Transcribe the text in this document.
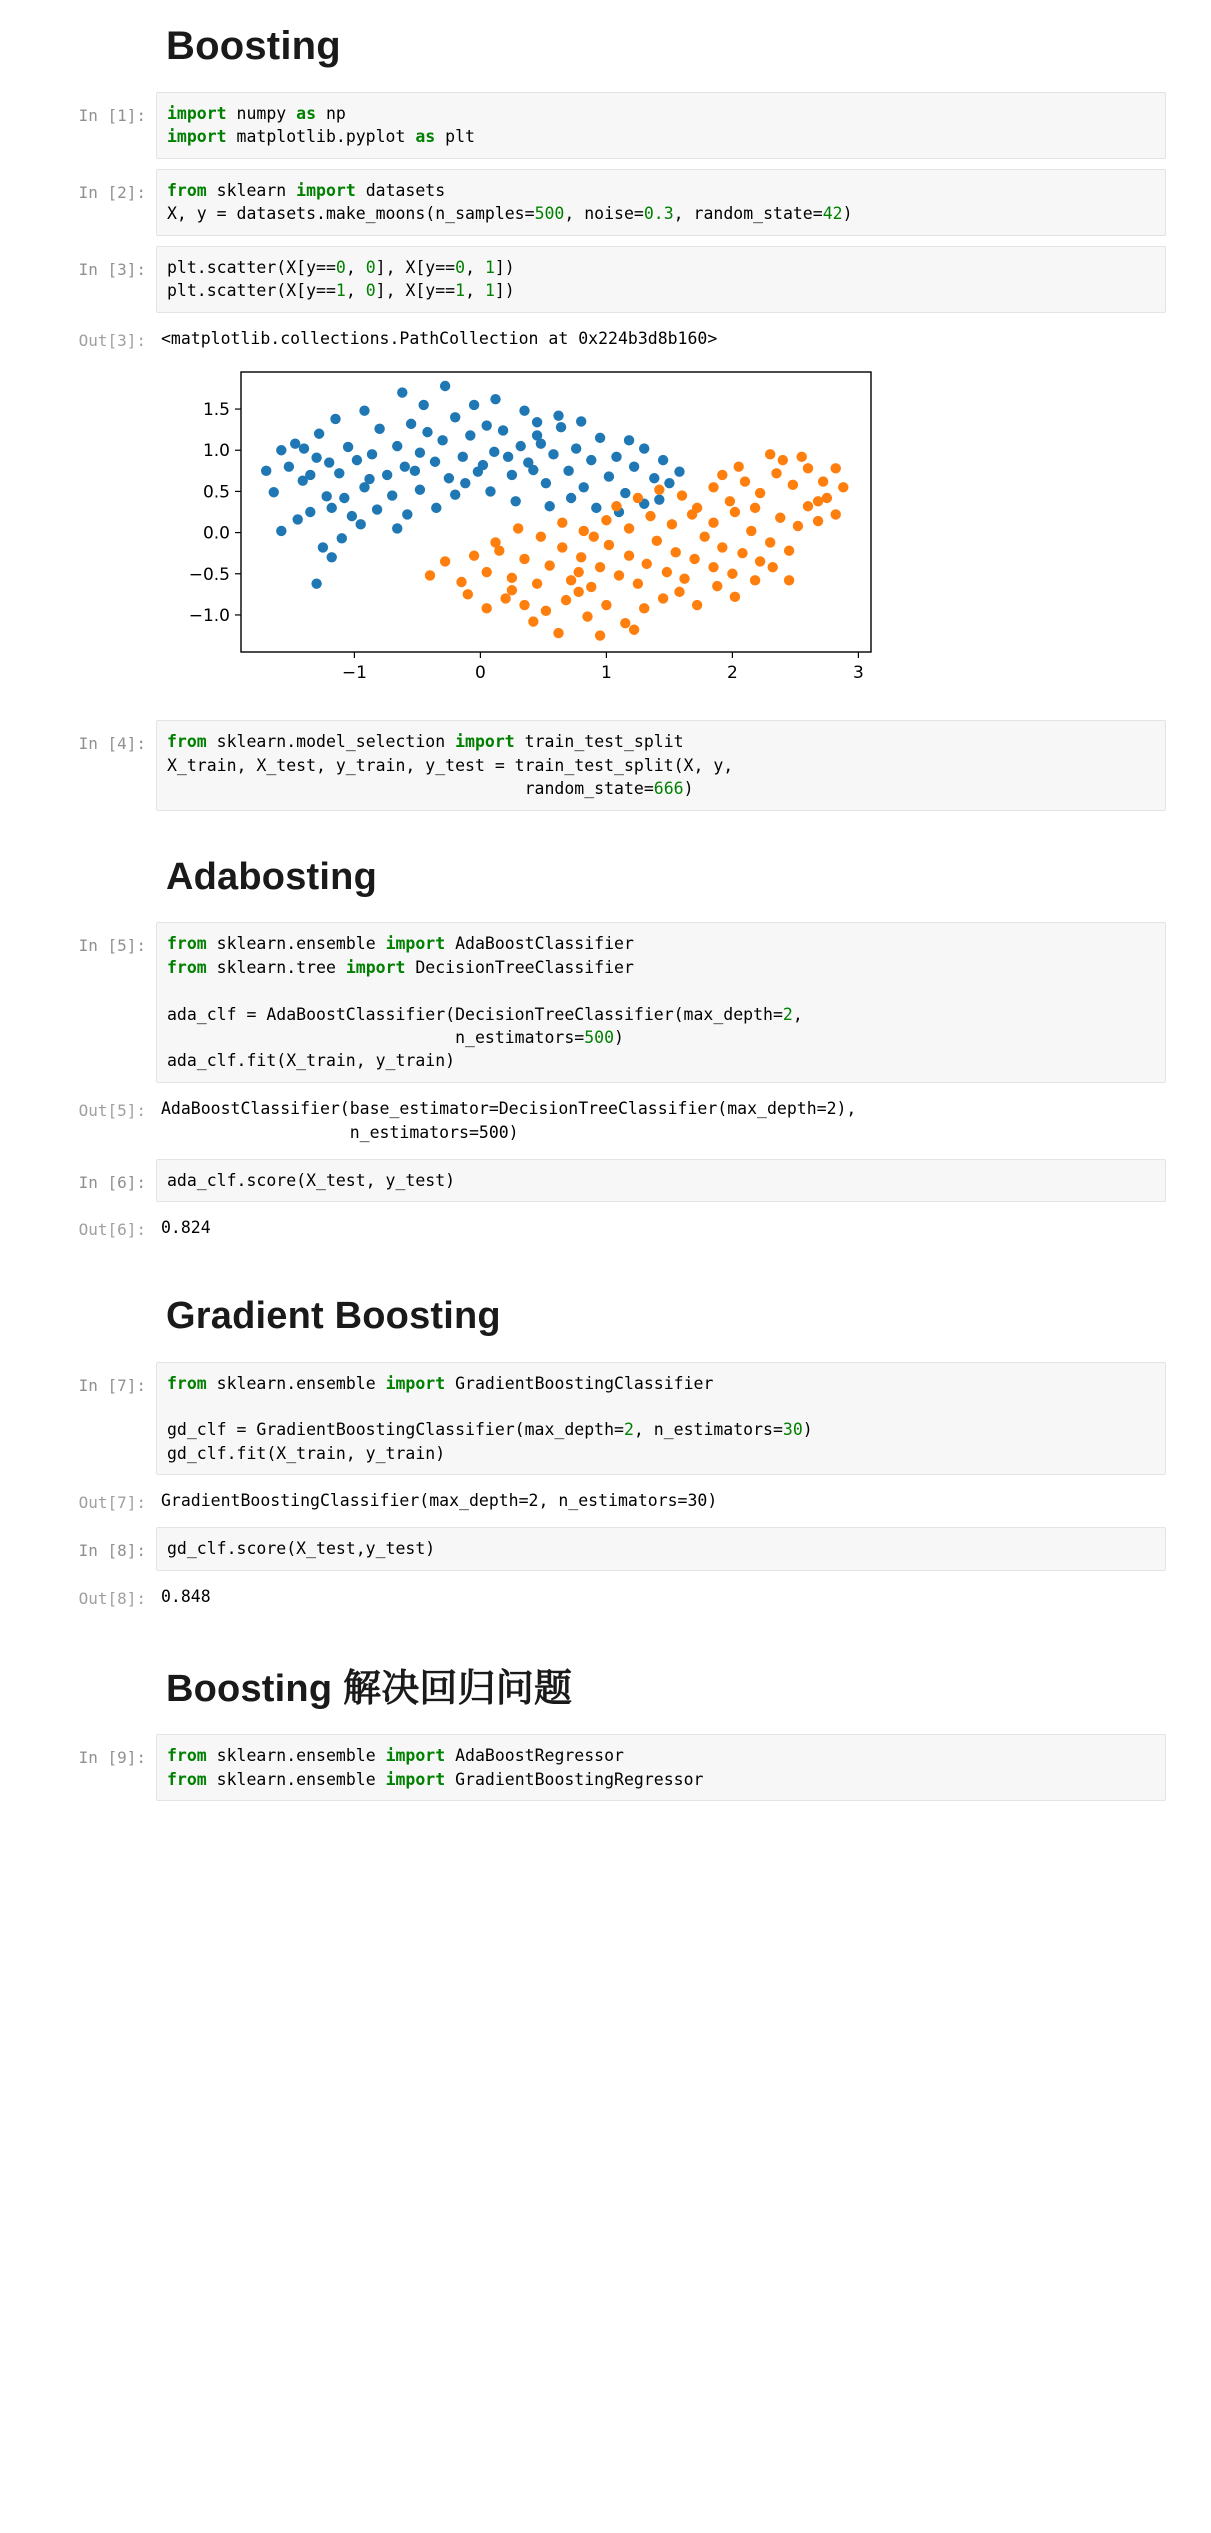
Boosting
In [1]:	import numpy as np
import matplotlib.pyplot as plt
In [2]:	from sklearn import datasets
X, y = datasets.make_moons(n_samples=500, noise=0.3, random_state=42)
In [3]:	plt.scatter(X[y==0, 0], X[y==0, 1])
plt.scatter(X[y==1, 0], X[y==1, 1])
Out[3]: <matplotlib.collections.PathCollection at 0x224b3d8b160>
1.5
1.0
0.5
0.0
−0.5
−1.0
−1	0	1	2	3
In [4]:	from sklearn.model_selection import train_test_split
X_train, X_test, y_train, y_test = train_test_split(X, y,
random_state=666)
Adabosting
In [5]:	from sklearn.ensemble import AdaBoostClassifier
from sklearn.tree import DecisionTreeClassifier

ada_clf = AdaBoostClassifier(DecisionTreeClassifier(max_depth=2,
n_estimators=500)
ada_clf.fit(X_train, y_train)
Out[5]: AdaBoostClassifier(base_estimator=DecisionTreeClassifier(max_depth=2),
n_estimators=500)
In [6]:	ada_clf.score(X_test, y_test)
Out[6]: 0.824
Gradient Boosting
In [7]:	from sklearn.ensemble import GradientBoostingClassifier

gd_clf = GradientBoostingClassifier(max_depth=2, n_estimators=30)
gd_clf.fit(X_train, y_train)
Out[7]: GradientBoostingClassifier(max_depth=2, n_estimators=30)
In [8]:	gd_clf.score(X_test,y_test)
Out[8]: 0.848
Boosting 解决回归问题
In [9]:	from sklearn.ensemble import AdaBoostRegressor
from sklearn.ensemble import GradientBoostingRegressor
